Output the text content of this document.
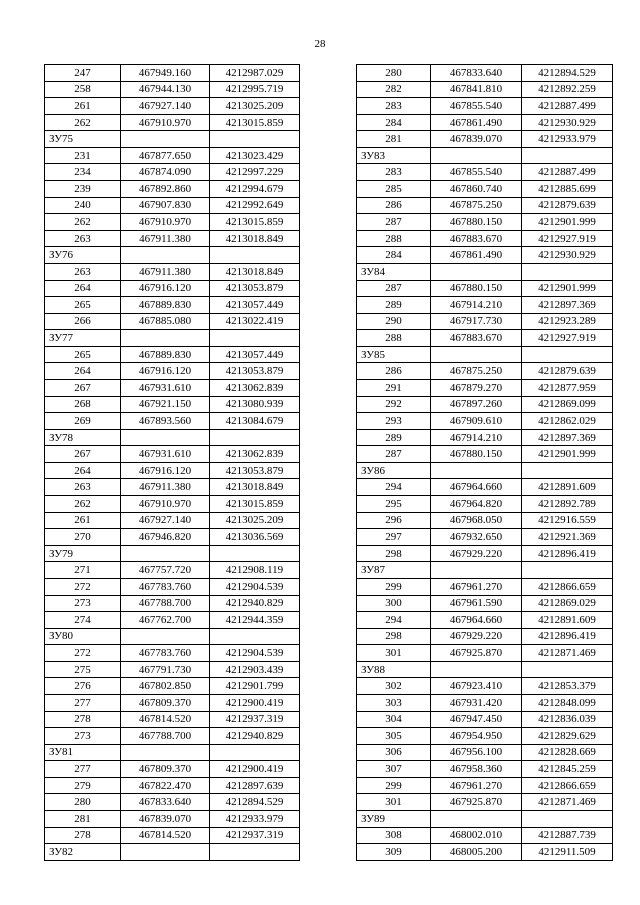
28
247	467949.160	4212987.029
258	467944.130	4212995.719
261	467927.140	4213025.209
262	467910.970	4213015.859
ЗУ75		
231	467877.650	4213023.429
234	467874.090	4212997.229
239	467892.860	4212994.679
240	467907.830	4212992.649
262	467910.970	4213015.859
263	467911.380	4213018.849
ЗУ76		
263	467911.380	4213018.849
264	467916.120	4213053.879
265	467889.830	4213057.449
266	467885.080	4213022.419
ЗУ77		
265	467889.830	4213057.449
264	467916.120	4213053.879
267	467931.610	4213062.839
268	467921.150	4213080.939
269	467893.560	4213084.679
ЗУ78		
267	467931.610	4213062.839
264	467916.120	4213053.879
263	467911.380	4213018.849
262	467910.970	4213015.859
261	467927.140	4213025.209
270	467946.820	4213036.569
ЗУ79		
271	467757.720	4212908.119
272	467783.760	4212904.539
273	467788.700	4212940.829
274	467762.700	4212944.359
ЗУ80		
272	467783.760	4212904.539
275	467791.730	4212903.439
276	467802.850	4212901.799
277	467809.370	4212900.419
278	467814.520	4212937.319
273	467788.700	4212940.829
ЗУ81		
277	467809.370	4212900.419
279	467822.470	4212897.639
280	467833.640	4212894.529
281	467839.070	4212933.979
278	467814.520	4212937.319
ЗУ82		
280	467833.640	4212894.529
282	467841.810	4212892.259
283	467855.540	4212887.499
284	467861.490	4212930.929
281	467839.070	4212933.979
ЗУ83		
283	467855.540	4212887.499
285	467860.740	4212885.699
286	467875.250	4212879.639
287	467880.150	4212901.999
288	467883.670	4212927.919
284	467861.490	4212930.929
ЗУ84		
287	467880.150	4212901.999
289	467914.210	4212897.369
290	467917.730	4212923.289
288	467883.670	4212927.919
ЗУ85		
286	467875.250	4212879.639
291	467879.270	4212877.959
292	467897.260	4212869.099
293	467909.610	4212862.029
289	467914.210	4212897.369
287	467880.150	4212901.999
ЗУ86		
294	467964.660	4212891.609
295	467964.820	4212892.789
296	467968.050	4212916.559
297	467932.650	4212921.369
298	467929.220	4212896.419
ЗУ87		
299	467961.270	4212866.659
300	467961.590	4212869.029
294	467964.660	4212891.609
298	467929.220	4212896.419
301	467925.870	4212871.469
ЗУ88		
302	467923.410	4212853.379
303	467931.420	4212848.099
304	467947.450	4212836.039
305	467954.950	4212829.629
306	467956.100	4212828.669
307	467958.360	4212845.259
299	467961.270	4212866.659
301	467925.870	4212871.469
ЗУ89		
308	468002.010	4212887.739
309	468005.200	4212911.509
